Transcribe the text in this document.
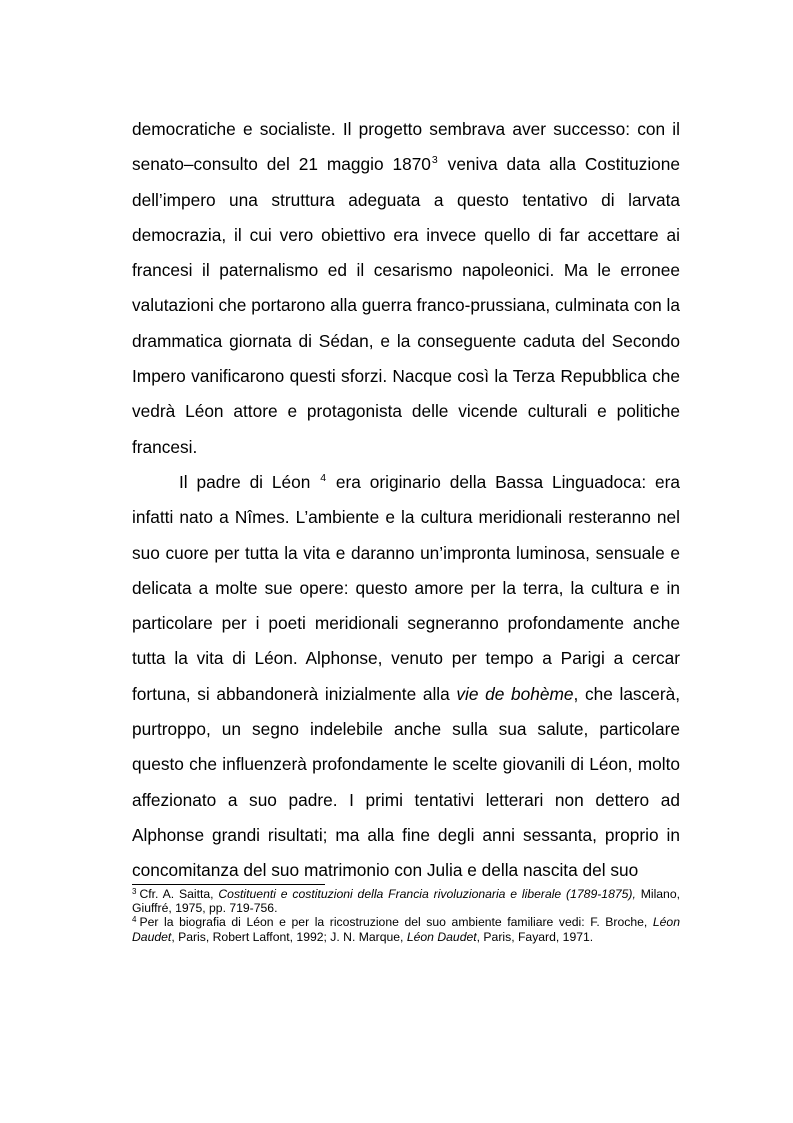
democratiche e socialiste. Il progetto sembrava aver successo: con il senato–consulto del 21 maggio 1870$^3$ veniva data alla Costituzione dell’impero una struttura adeguata a questo tentativo di larvata democrazia, il cui vero obiettivo era invece quello di far accettare ai francesi il paternalismo ed il cesarismo napoleonici. Ma le erronee valutazioni che portarono alla guerra franco-prussiana, culminata con la drammatica giornata di Sédan, e la conseguente caduta del Secondo Impero vanificarono questi sforzi. Nacque così la Terza Repubblica che vedrà Léon attore e protagonista delle vicende culturali e politiche francesi.

Il padre di Léon $^4$ era originario della Bassa Linguadoca: era infatti nato a Nîmes. L’ambiente e la cultura meridionali resteranno nel suo cuore per tutta la vita e daranno un’impronta luminosa, sensuale e delicata a molte sue opere: questo amore per la terra, la cultura e in particolare per i poeti meridionali segneranno profondamente anche tutta la vita di Léon. Alphonse, venuto per tempo a Parigi a cercar fortuna, si abbandonerà inizialmente alla vie de bohème, che lascerà, purtroppo, un segno indelebile anche sulla sua salute, particolare questo che influenzerà profondamente le scelte giovanili di Léon, molto affezionato a suo padre. I primi tentativi letterari non dettero ad Alphonse grandi risultati; ma alla fine degli anni sessanta, proprio in concomitanza del suo matrimonio con Julia e della nascita del suo

$^3$ Cfr. A. Saitta, Costituenti e costituzioni della Francia rivoluzionaria e liberale (1789-1875), Milano, Giuffré, 1975, pp. 719-756.

$^4$ Per la biografia di Léon e per la ricostruzione del suo ambiente familiare vedi: F. Broche, Léon Daudet, Paris, Robert Laffont, 1992; J. N. Marque, Léon Daudet, Paris, Fayard, 1971.
